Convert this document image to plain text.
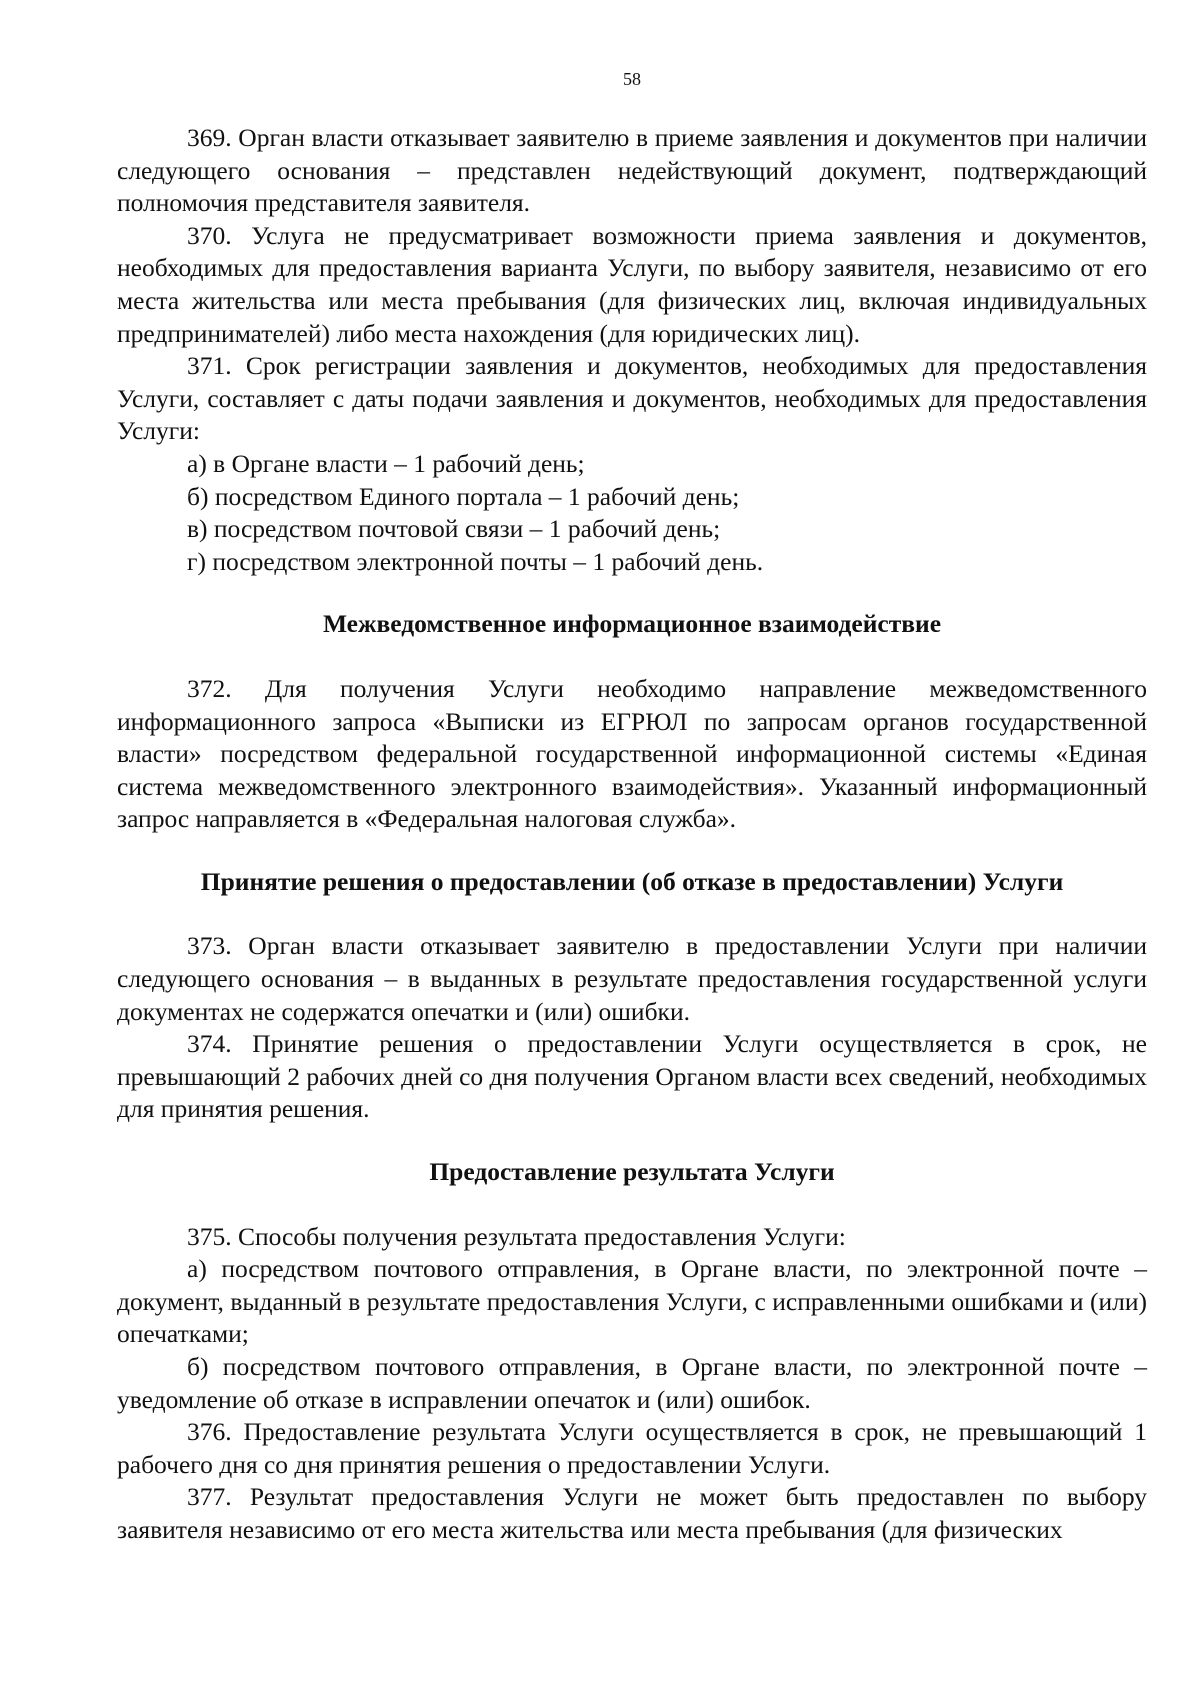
58

369. Орган власти отказывает заявителю в приеме заявления и документов при наличии следующего основания – представлен недействующий документ, подтверждающий полномочия представителя заявителя.

370. Услуга не предусматривает возможности приема заявления и документов, необходимых для предоставления варианта Услуги, по выбору заявителя, независимо от его места жительства или места пребывания (для физических лиц, включая индивидуальных предпринимателей) либо места нахождения (для юридических лиц).

371. Срок регистрации заявления и документов, необходимых для предоставления Услуги, составляет с даты подачи заявления и документов, необходимых для предоставления Услуги:

а) в Органе власти – 1 рабочий день;

б) посредством Единого портала – 1 рабочий день;

в) посредством почтовой связи – 1 рабочий день;

г) посредством электронной почты – 1 рабочий день.

Межведомственное информационное взаимодействие

372. Для получения Услуги необходимо направление межведомственного информационного запроса «Выписки из ЕГРЮЛ по запросам органов государственной власти» посредством федеральной государственной информационной системы «Единая система межведомственного электронного взаимодействия». Указанный информационный запрос направляется в «Федеральная налоговая служба».

Принятие решения о предоставлении (об отказе в предоставлении) Услуги

373. Орган власти отказывает заявителю в предоставлении Услуги при наличии следующего основания – в выданных в результате предоставления государственной услуги документах не содержатся опечатки и (или) ошибки.

374. Принятие решения о предоставлении Услуги осуществляется в срок, не превышающий 2 рабочих дней со дня получения Органом власти всех сведений, необходимых для принятия решения.

Предоставление результата Услуги

375. Способы получения результата предоставления Услуги:

а) посредством почтового отправления, в Органе власти, по электронной почте – документ, выданный в результате предоставления Услуги, с исправленными ошибками и (или) опечатками;

б) посредством почтового отправления, в Органе власти, по электронной почте – уведомление об отказе в исправлении опечаток и (или) ошибок.

376. Предоставление результата Услуги осуществляется в срок, не превышающий 1 рабочего дня со дня принятия решения о предоставлении Услуги.

377. Результат предоставления Услуги не может быть предоставлен по выбору заявителя независимо от его места жительства или места пребывания (для физических
